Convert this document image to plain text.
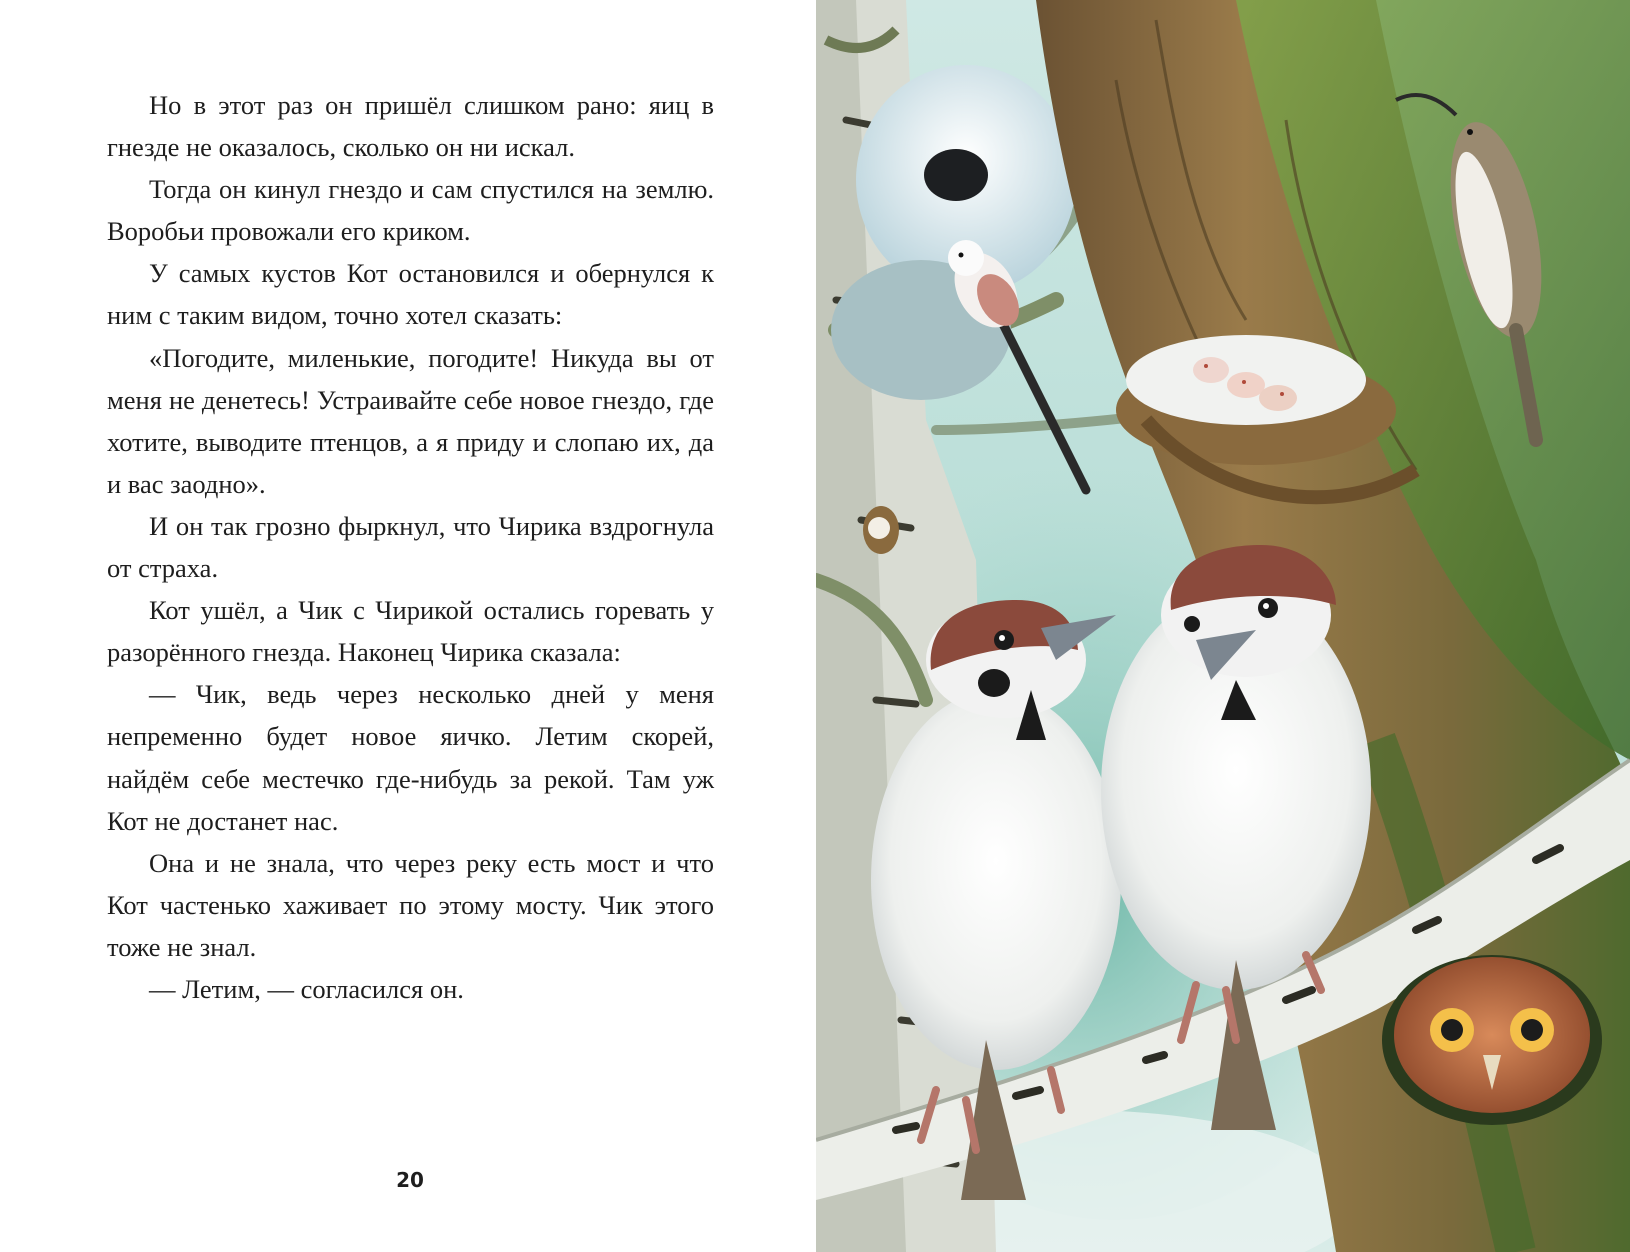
Но в этот раз он пришёл слишком рано: яиц в гнезде не оказалось, сколько он ни искал.

Тогда он кинул гнездо и сам спустился на землю. Воробьи провожали его криком.

У самых кустов Кот остановился и обернулся к ним с таким видом, точно хотел сказать:

«Погодите, миленькие, погодите! Никуда вы от меня не денетесь! Устраивайте себе новое гнездо, где хотите, выводите птенцов, а я приду и слопаю их, да и вас заодно».

И он так грозно фыркнул, что Чирика вздрогнула от страха.

Кот ушёл, а Чик с Чирикой остались горевать у разорённого гнезда. Наконец Чирика сказала:

— Чик, ведь через несколько дней у меня непременно будет новое яичко. Летим скорей, найдём себе местечко где-нибудь за рекой. Там уж Кот не достанет нас.

Она и не знала, что через реку есть мост и что Кот частенько хаживает по этому мосту. Чик этого тоже не знал.

— Летим, — согласился он.

20
